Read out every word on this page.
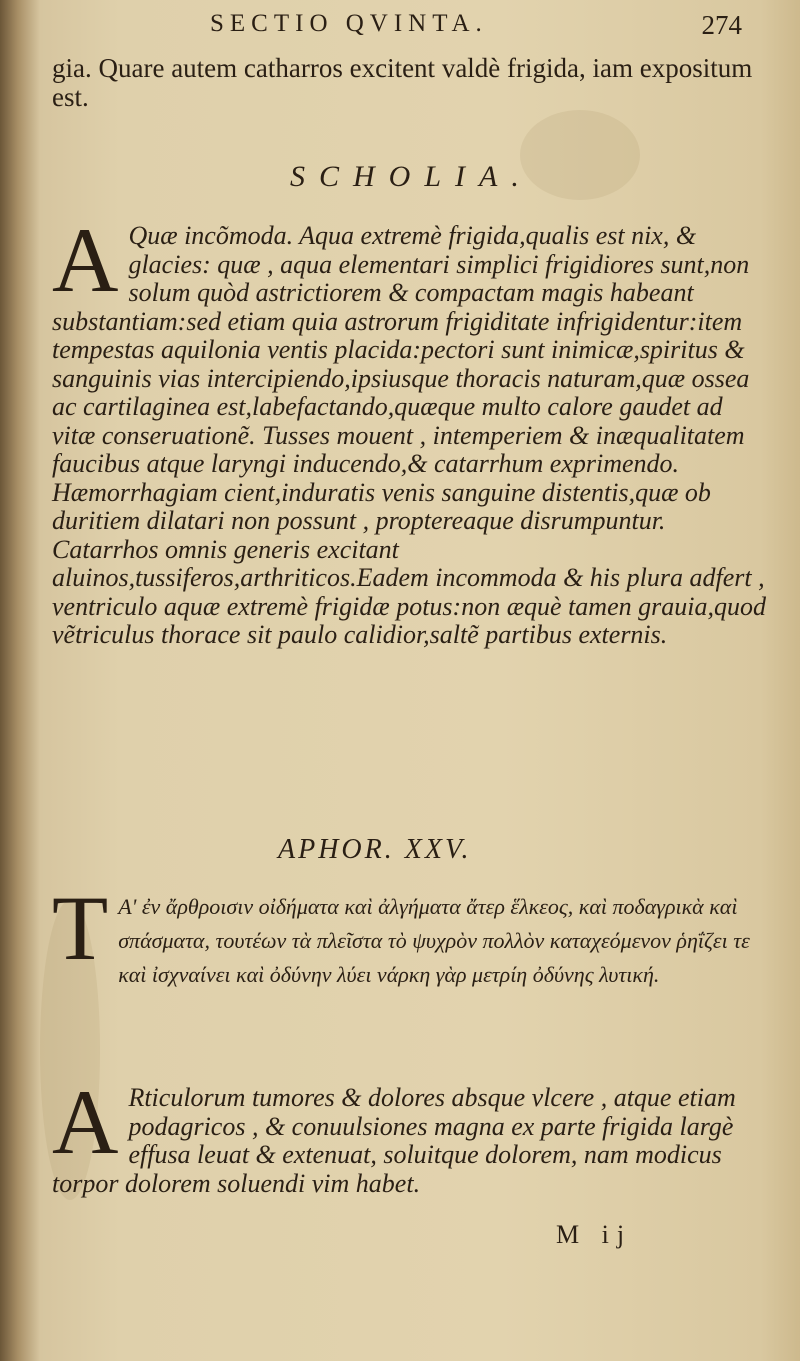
SECTIO QVINTA.	274

gia. Quare autem catharros excitent valdè frigida, iam expositum est.

SCHOLIA.
A Quæ incõmoda. Aqua extremè frigida,qualis est nix, & glacies: quæ , aqua elementari simplici frigidiores sunt,non solum quòd astrictiorem & compactam magis habeant substantiam:sed etiam quia astrorum frigiditate infrigidentur:item tempestas aquilonia ventis placida:pectori sunt inimicæ,spiritus & sanguinis vias intercipiendo,ipsiusque thoracis naturam,quæ ossea ac cartilaginea est,labefactando,quæque multo calore gaudet ad vitæ conseruationẽ. Tusses mouent , intemperiem & inæqualitatem faucibus atque laryngi inducendo,& catarrhum exprimendo. Hæmorrhagiam cient,induratis venis sanguine distentis,quæ ob duritiem dilatari non possunt , proptereaque disrumpuntur. Catarrhos omnis generis excitant aluinos,tussiferos,arthriticos.Eadem incommoda & his plura adfert , ventriculo aquæ extremè frigidæ potus:non æquè tamen grauia,quod vẽtriculus thorace sit paulo calidior,saltẽ partibus externis.
APHOR. XXV.
T Α' ἐν ἄρθροισιν οἰδήματα καὶ ἀλγήματα ἄτερ ἕλκεος, καὶ ποδαγρικὰ καὶ σπάσματα, τουτέων τὰ πλεῖστα τὸ ψυχρὸν πολλὸν καταχεόμενον ῥηΐζει τε καὶ ἰσχναίνει καὶ ὀδύνην λύει νάρκη γὰρ μετρίη ὀδύνης λυτική.
A Rticulorum tumores & dolores absque vlcere , atque etiam podagricos , & conuulsiones magna ex parte frigida largè effusa leuat & extenuat, soluitque dolorem, nam modicus torpor dolorem soluendi vim habet.
M ij
